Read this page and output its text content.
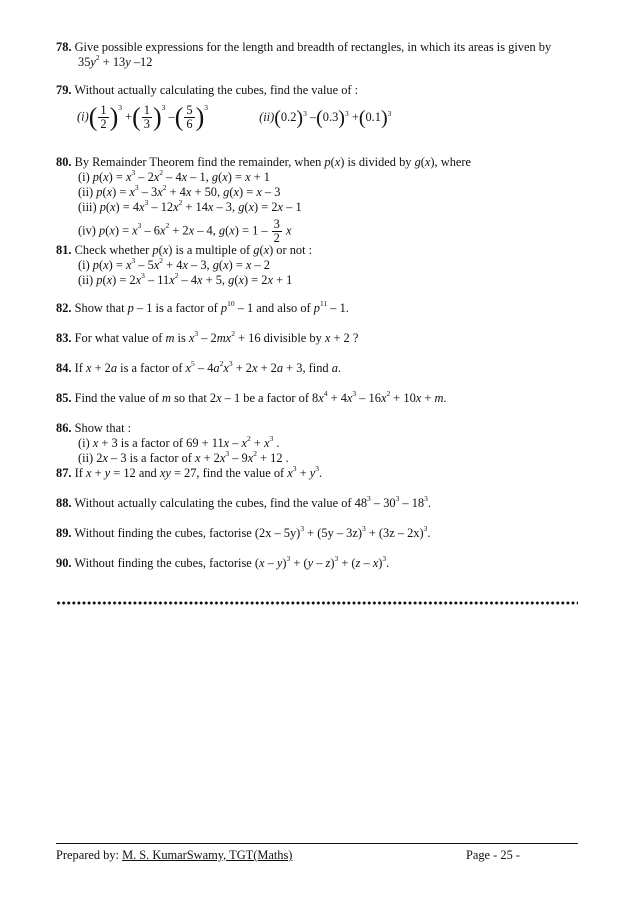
78. Give possible expressions for the length and breadth of rectangles, in which its areas is given by
$35y^2 + 13y$ –12
79. Without actually calculating the cubes, find the value of :
$(i)( \frac{1}{2} )^3$ +( $\frac{1}{3} )^3$ –( $\frac{5}{6} )^3$ $(ii)(0.2)^3$ $-(0.3)^3 +(0.1)^3$
80. By Remainder Theorem find the remainder, when p(x) is divided by g(x), where
(i) $p(x) = x^3 - 2x^2 - 4x - 1$, g(x) = x + 1
(ii) $p(x) = x^3 - 3x^2 + 4x + 50$, g(x) = x – 3
(iii) $p(x) = 4x^3 - 12x^2 + 14x - 3$, g(x) = 2x – 1
(iv) $p(x) = x^3 - 6x^2 + 2x - 4$, $g(x) = 1 - \frac{3}{2}$ x
81. Check whether p(x) is a multiple of g(x) or not :
(i) $p(x) = x^3 - 5x^2 + 4x - 3$, g(x) = x – 2
(ii) $p(x) = 2x^3 - 11x^2 - 4x + 5$, g(x) = 2x + 1
82. Show that p – 1 is a factor of $p^{10} - 1$ and also of $p^{11} - 1$.
83. For what value of m is $x^3 - 2mx^2 + 16$ divisible by x + 2 ?
84. If x + 2a is a factor of $x^5 - 4a^2x^3 + 2x + 2a + 3$, find a.
85. Find the value of m so that 2x – 1 be a factor of $8x^4 + 4x^3 - 16x^2 + 10x + m$.
86. Show that :
(i) x + 3 is a factor of $69 + 11x - x^2 + x^3$ .
(ii) 2x – 3 is a factor of $x + 2x^3 - 9x^2 + 12$ .
87. If x + y = 12 and xy = 27, find the value of $x^3 + y^3$.
88. Without actually calculating the cubes, find the value of $48^3 - 30^3 - 18^3$.
89. Without finding the cubes, factorise (2x – 5y)$^3$ + (5y – 3z)$^3$ + (3z – 2x)$^3$.
90. Without finding the cubes, factorise (x – y)$^3$ + (y – z)$^3$ + (z – x)$^3$.
Prepared by: M. S. KumarSwamy, TGT(Maths)	Page - 25 -
